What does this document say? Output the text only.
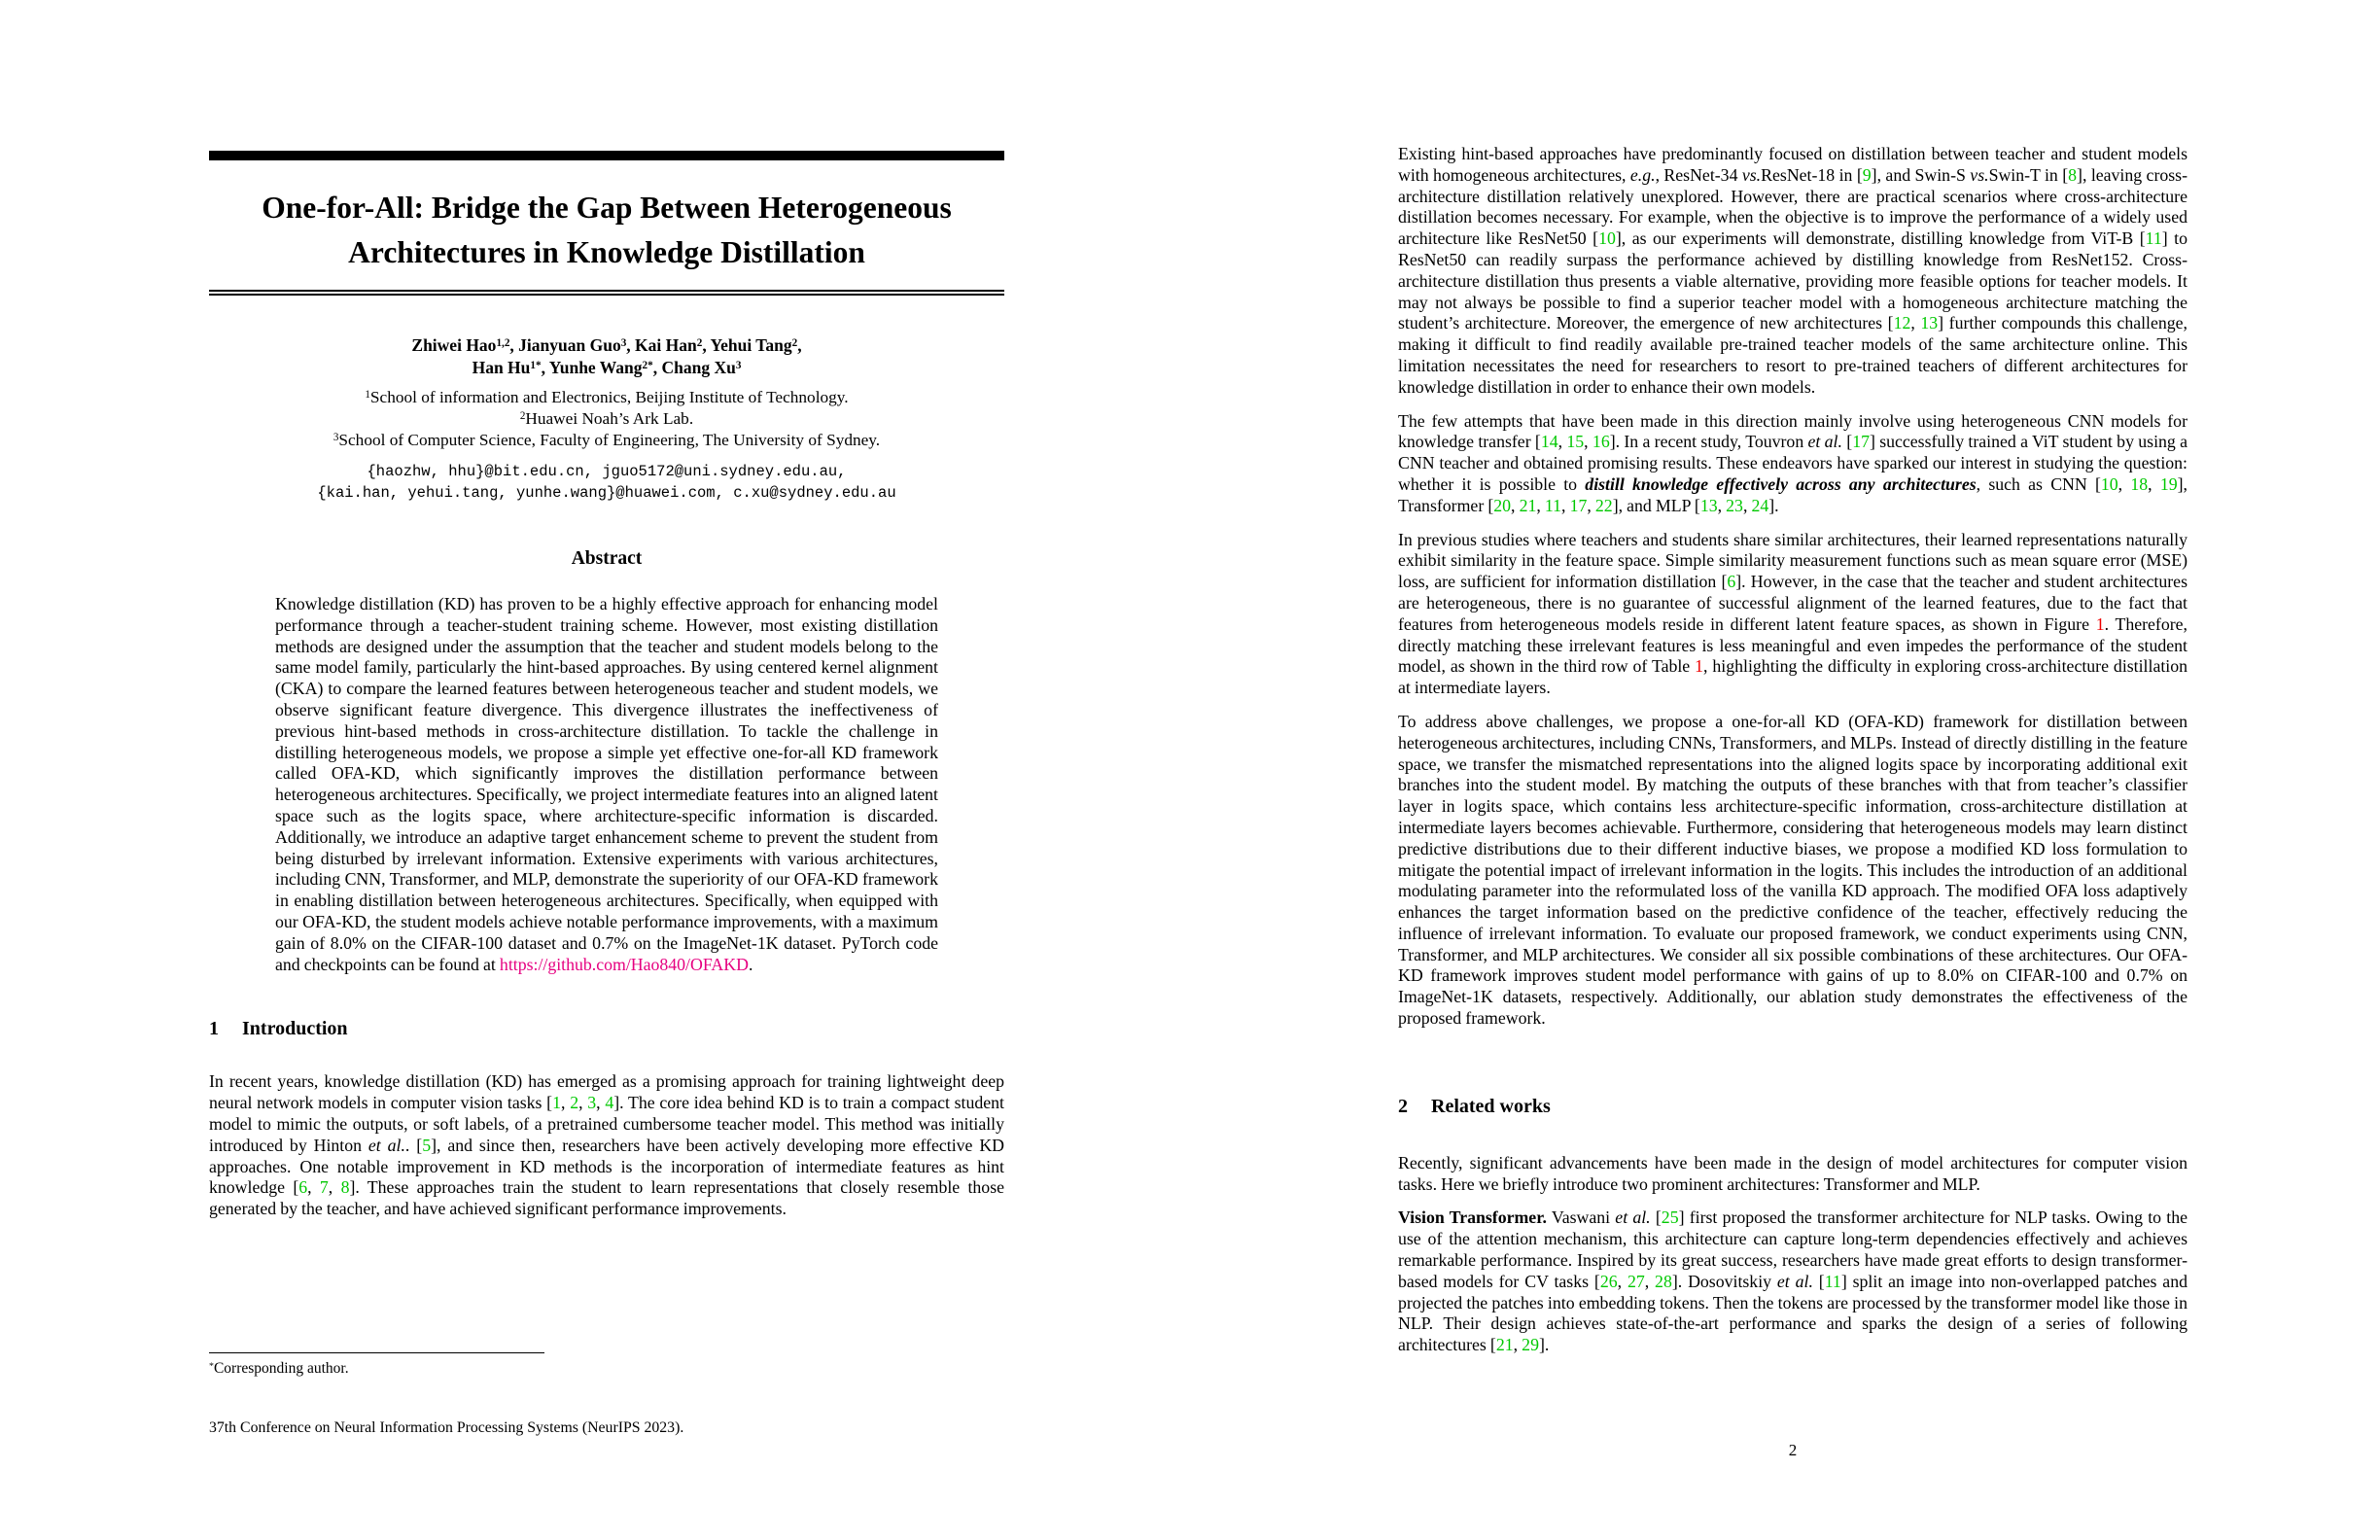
One-for-All: Bridge the Gap Between Heterogeneous
Architectures in Knowledge Distillation
Zhiwei Hao$^{1,2}$, Jianyuan Guo$^3$, Kai Han$^2$, Yehui Tang$^2$,
Han $Hu^{1*}$, Yunhe Wang$^{2*}$, Chang Xu$^3$
$^1$School of information and Electronics, Beijing Institute of Technology.
$^2$Huawei Noah’s Ark Lab.
$^3$School of Computer Science, Faculty of Engineering, The University of Sydney.
{haozhw, hhu}@bit.edu.cn, jguo5172@uni.sydney.edu.au,
{kai.han, yehui.tang, yunhe.wang}@huawei.com, c.xu@sydney.edu.au
Abstract
Knowledge distillation (KD) has proven to be a highly effective approach for enhancing model performance through a teacher-student training scheme. However, most existing distillation methods are designed under the assumption that the teacher and student models belong to the same model family, particularly the hint-based approaches. By using centered kernel alignment (CKA) to compare the learned features between heterogeneous teacher and student models, we observe significant feature divergence. This divergence illustrates the ineffectiveness of previous hint-based methods in cross-architecture distillation. To tackle the challenge in distilling heterogeneous models, we propose a simple yet effective one-for-all KD framework called OFA-KD, which significantly improves the distillation performance between heterogeneous architectures. Specifically, we project intermediate features into an aligned latent space such as the logits space, where architecture-specific information is discarded. Additionally, we introduce an adaptive target enhancement scheme to prevent the student from being disturbed by irrelevant information. Extensive experiments with various architectures, including CNN, Transformer, and MLP, demonstrate the superiority of our OFA-KD framework in enabling distillation between heterogeneous architectures. Specifically, when equipped with our OFA-KD, the student models achieve notable performance improvements, with a maximum gain of 8.0% on the CIFAR-100 dataset and 0.7% on the ImageNet-1K dataset. PyTorch code and checkpoints can be found at https://github.com/Hao840/OFAKD.
1 Introduction
In recent years, knowledge distillation (KD) has emerged as a promising approach for training lightweight deep neural network models in computer vision tasks [1, 2, 3, 4]. The core idea behind KD is to train a compact student model to mimic the outputs, or soft labels, of a pretrained cumbersome teacher model. This method was initially introduced by Hinton et al.. [5], and since then, researchers have been actively developing more effective KD approaches. One notable improvement in KD methods is the incorporation of intermediate features as hint knowledge [6, 7, 8]. These approaches train the student to learn representations that closely resemble those generated by the teacher, and have achieved significant performance improvements.
*Corresponding author.
37th Conference on Neural Information Processing Systems (NeurIPS 2023).
Existing hint-based approaches have predominantly focused on distillation between teacher and student models with homogeneous architectures, e.g., ResNet-34 vs.ResNet-18 in [9], and Swin-S vs.Swin-T in [8], leaving cross-architecture distillation relatively unexplored. However, there are practical scenarios where cross-architecture distillation becomes necessary. For example, when the objective is to improve the performance of a widely used architecture like ResNet50 [10], as our experiments will demonstrate, distilling knowledge from ViT-B [11] to ResNet50 can readily surpass the performance achieved by distilling knowledge from ResNet152. Cross-architecture distillation thus presents a viable alternative, providing more feasible options for teacher models. It may not always be possible to find a superior teacher model with a homogeneous architecture matching the student’s architecture. Moreover, the emergence of new architectures [12, 13] further compounds this challenge, making it difficult to find readily available pre-trained teacher models of the same architecture online. This limitation necessitates the need for researchers to resort to pre-trained teachers of different architectures for knowledge distillation in order to enhance their own models.
The few attempts that have been made in this direction mainly involve using heterogeneous CNN models for knowledge transfer [14, 15, 16]. In a recent study, Touvron et al. [17] successfully trained a ViT student by using a CNN teacher and obtained promising results. These endeavors have sparked our interest in studying the question: whether it is possible to distill knowledge effectively across any architectures, such as CNN [10, 18, 19], Transformer [20, 21, 11, 17, 22], and MLP [13, 23, 24].
In previous studies where teachers and students share similar architectures, their learned representations naturally exhibit similarity in the feature space. Simple similarity measurement functions such as mean square error (MSE) loss, are sufficient for information distillation [6]. However, in the case that the teacher and student architectures are heterogeneous, there is no guarantee of successful alignment of the learned features, due to the fact that features from heterogeneous models reside in different latent feature spaces, as shown in Figure 1. Therefore, directly matching these irrelevant features is less meaningful and even impedes the performance of the student model, as shown in the third row of Table 1, highlighting the difficulty in exploring cross-architecture distillation at intermediate layers.
To address above challenges, we propose a one-for-all KD (OFA-KD) framework for distillation between heterogeneous architectures, including CNNs, Transformers, and MLPs. Instead of directly distilling in the feature space, we transfer the mismatched representations into the aligned logits space by incorporating additional exit branches into the student model. By matching the outputs of these branches with that from teacher’s classifier layer in logits space, which contains less architecture-specific information, cross-architecture distillation at intermediate layers becomes achievable. Furthermore, considering that heterogeneous models may learn distinct predictive distributions due to their different inductive biases, we propose a modified KD loss formulation to mitigate the potential impact of irrelevant information in the logits. This includes the introduction of an additional modulating parameter into the reformulated loss of the vanilla KD approach. The modified OFA loss adaptively enhances the target information based on the predictive confidence of the teacher, effectively reducing the influence of irrelevant information. To evaluate our proposed framework, we conduct experiments using CNN, Transformer, and MLP architectures. We consider all six possible combinations of these architectures. Our OFA-KD framework improves student model performance with gains of up to 8.0% on CIFAR-100 and 0.7% on ImageNet-1K datasets, respectively. Additionally, our ablation study demonstrates the effectiveness of the proposed framework.
2 Related works
Recently, significant advancements have been made in the design of model architectures for computer vision tasks. Here we briefly introduce two prominent architectures: Transformer and MLP.
Vision Transformer. Vaswani et al. [25] first proposed the transformer architecture for NLP tasks. Owing to the use of the attention mechanism, this architecture can capture long-term dependencies effectively and achieves remarkable performance. Inspired by its great success, researchers have made great efforts to design transformer-based models for CV tasks [26, 27, 28]. Dosovitskiy et al. [11] split an image into non-overlapped patches and projected the patches into embedding tokens. Then the tokens are processed by the transformer model like those in NLP. Their design achieves state-of-the-art performance and sparks the design of a series of following architectures [21, 29].
2
